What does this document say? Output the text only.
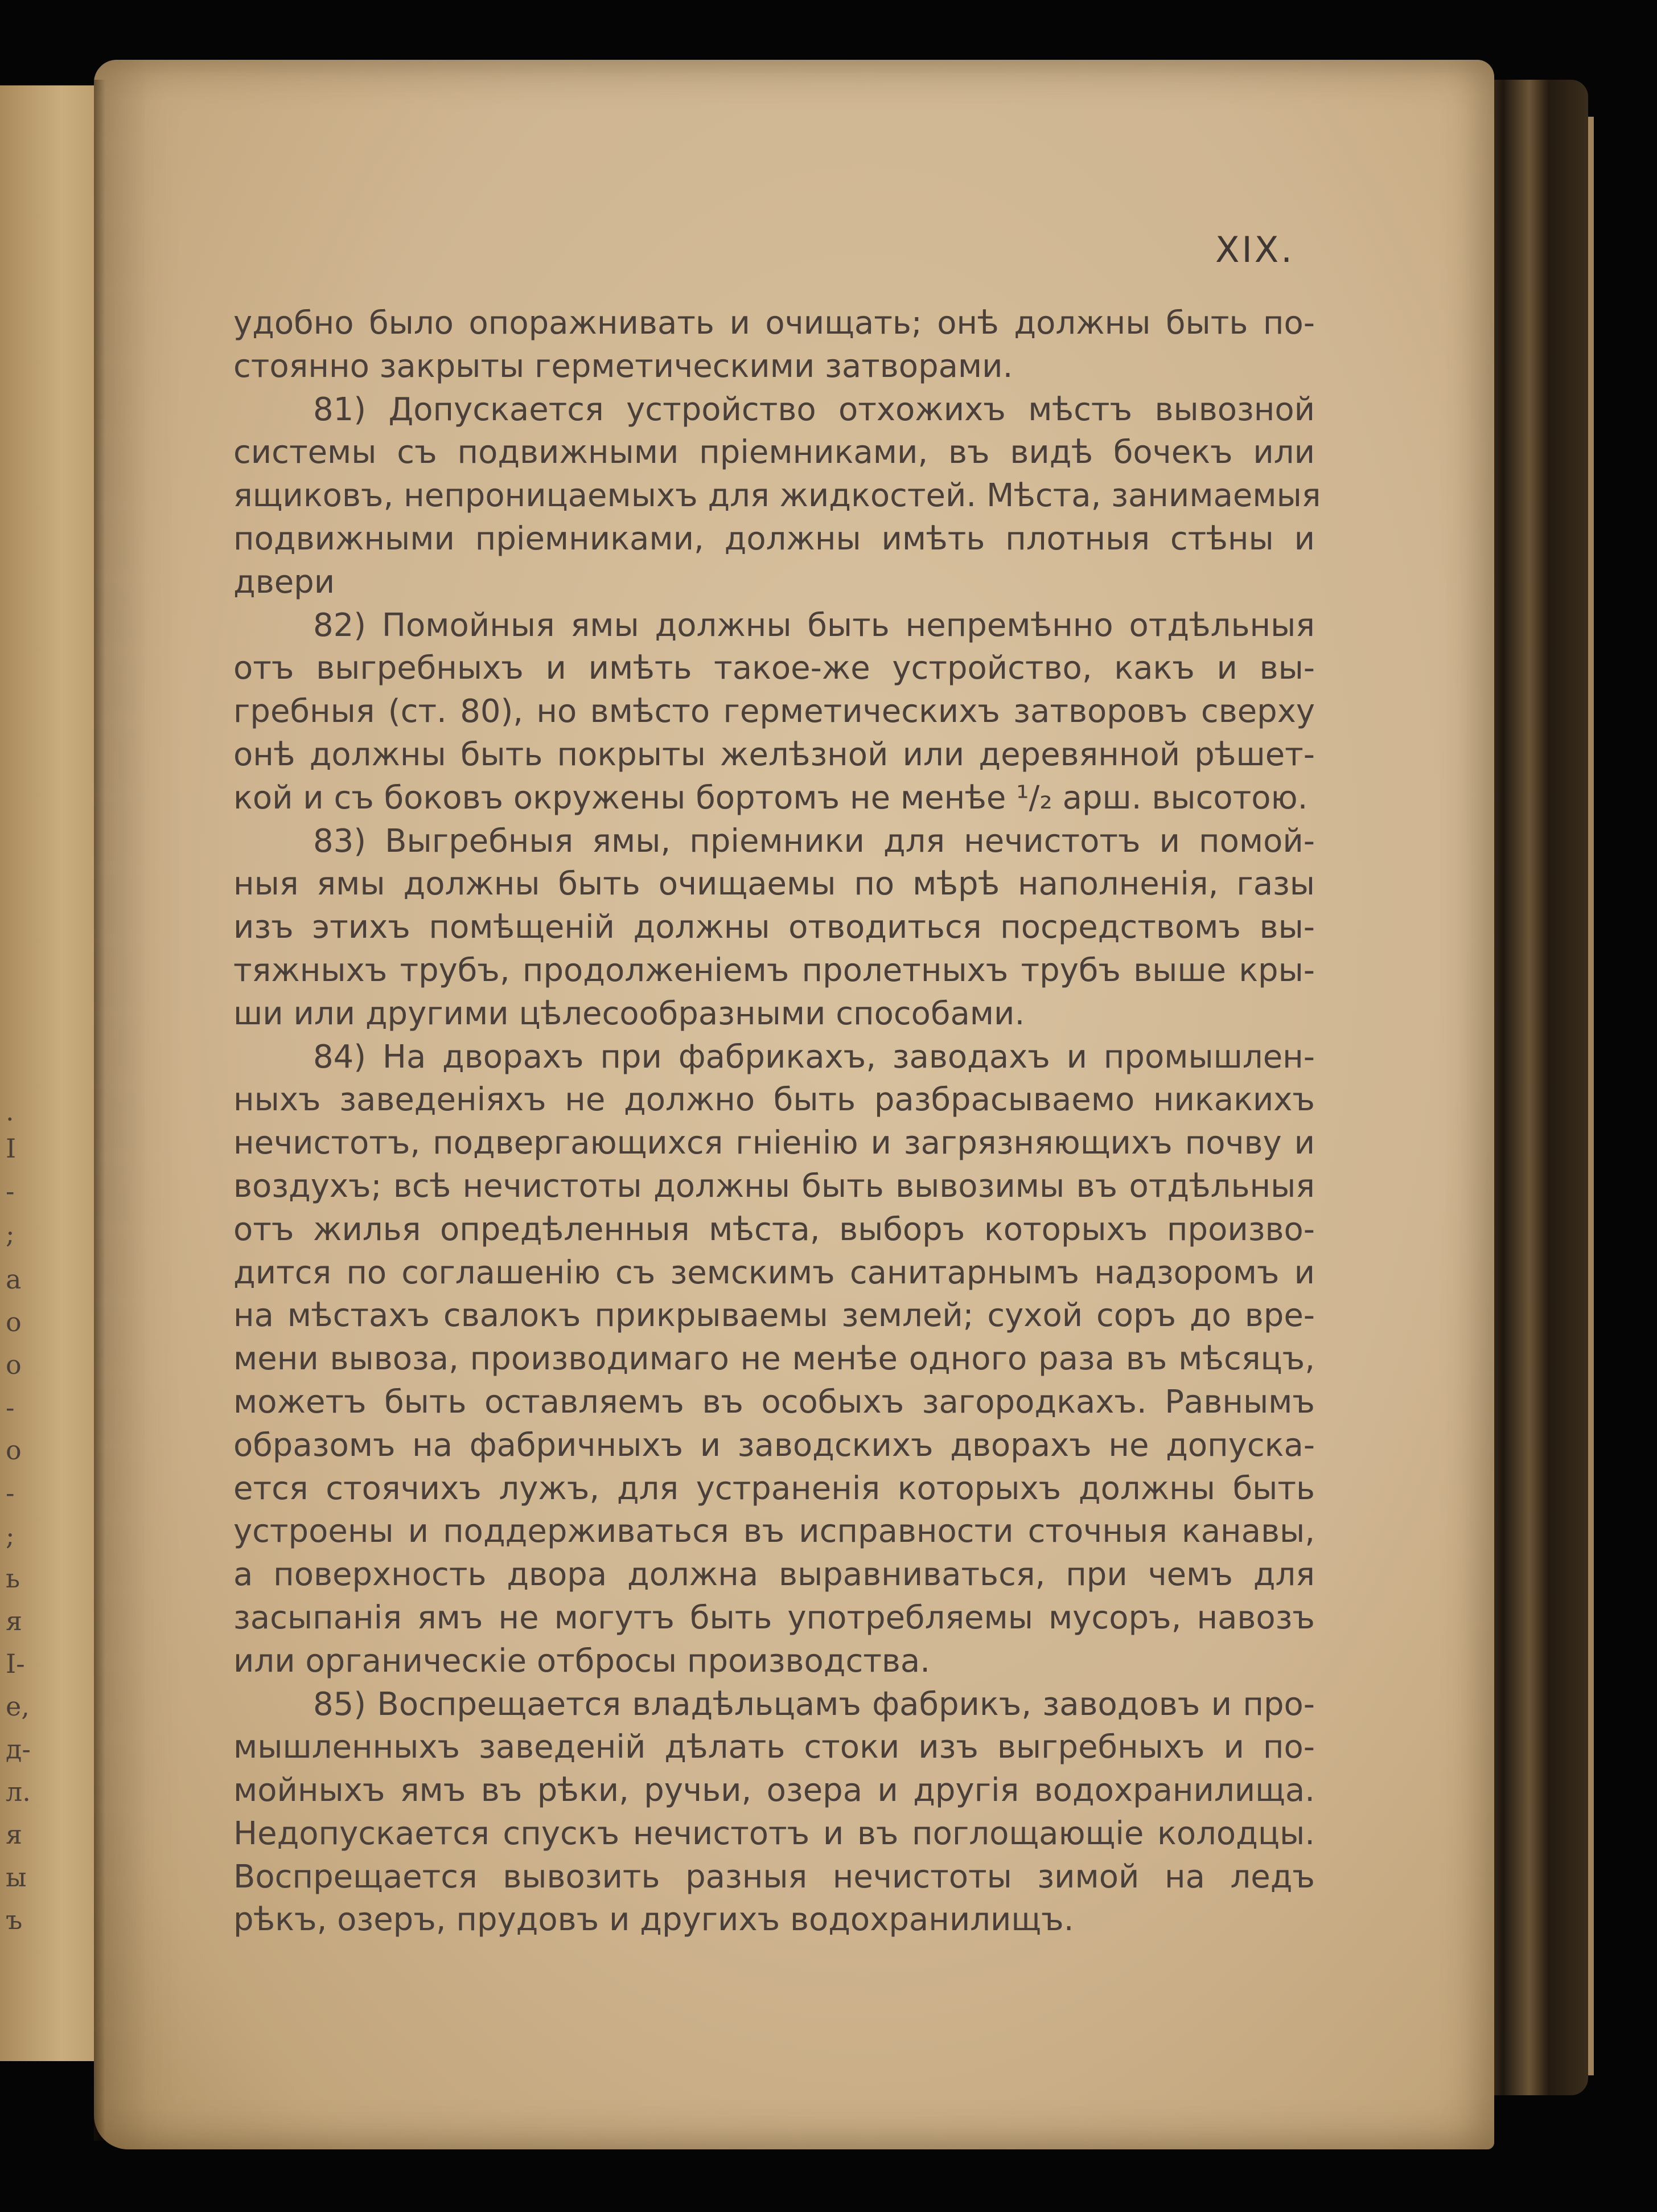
.
I
-
;
a
o
o
-
o
-
;
ь
я
I-
е,
д-
л.
я
ы
ъ
XIX.
удобно было опоражнивать и очищать; онѣ должны быть по-
стоянно закрыты герметическими затворами.
81) Допускается устройство отхожихъ мѣстъ вывозной
системы съ подвижными пріемниками, въ видѣ бочекъ или
ящиковъ, непроницаемыхъ для жидкостей. Мѣста, занимаемыя
подвижными пріемниками, должны имѣть плотныя стѣны и
двери
82) Помойныя ямы должны быть непремѣнно отдѣльныя
отъ выгребныхъ и имѣть такое-же устройство, какъ и вы-
гребныя (ст. 80), но вмѣсто герметическихъ затворовъ сверху
онѣ должны быть покрыты желѣзной или деревянной рѣшет-
кой и съ боковъ окружены бортомъ не менѣе ¹/₂ арш. высотою.
83) Выгребныя ямы, пріемники для нечистотъ и помой-
ныя ямы должны быть очищаемы по мѣрѣ наполненія, газы
изъ этихъ помѣщеній должны отводиться посредствомъ вы-
тяжныхъ трубъ, продолженіемъ пролетныхъ трубъ выше кры-
ши или другими цѣлесообразными способами.
84) На дворахъ при фабрикахъ, заводахъ и промышлен-
ныхъ заведеніяхъ не должно быть разбрасываемо никакихъ
нечистотъ, подвергающихся гніенію и загрязняющихъ почву и
воздухъ; всѣ нечистоты должны быть вывозимы въ отдѣльныя
отъ жилья опредѣленныя мѣста, выборъ которыхъ произво-
дится по соглашенію съ земскимъ санитарнымъ надзоромъ и
на мѣстахъ свалокъ прикрываемы землей; сухой соръ до вре-
мени вывоза, производимаго не менѣе одного раза въ мѣсяцъ,
можетъ быть оставляемъ въ особыхъ загородкахъ. Равнымъ
образомъ на фабричныхъ и заводскихъ дворахъ не допуска-
ется стоячихъ лужъ, для устраненія которыхъ должны быть
устроены и поддерживаться въ исправности сточныя канавы,
а поверхность двора должна выравниваться, при чемъ для
засыпанія ямъ не могутъ быть употребляемы мусоръ, навозъ
или органическіе отбросы производства.
85) Воспрещается владѣльцамъ фабрикъ, заводовъ и про-
мышленныхъ заведеній дѣлать стоки изъ выгребныхъ и по-
мойныхъ ямъ въ рѣки, ручьи, озера и другія водохранилища.
Недопускается спускъ нечистотъ и въ поглощающіе колодцы.
Воспрещается вывозить разныя нечистоты зимой на ледъ
рѣкъ, озеръ, прудовъ и другихъ водохранилищъ.
